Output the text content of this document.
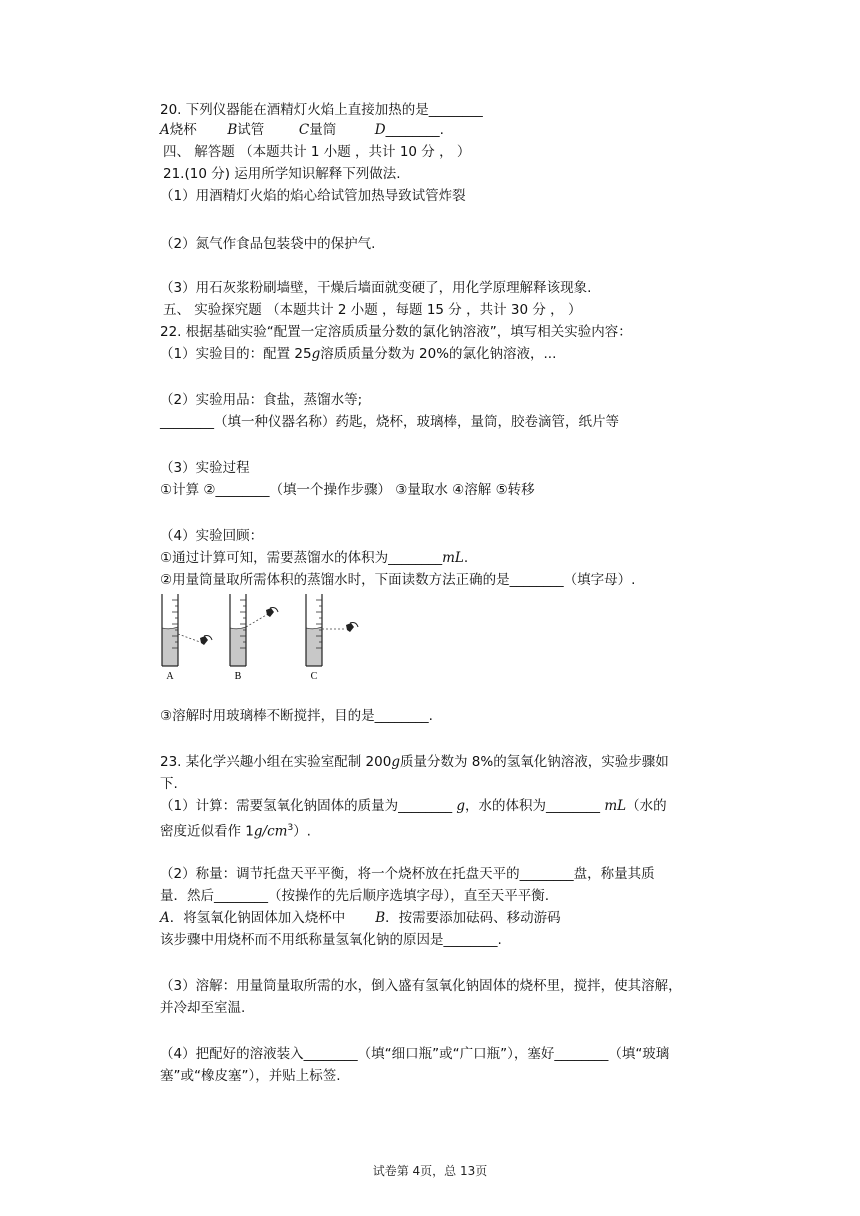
20. 下列仪器能在酒精灯火焰上直接加热的是________
A烧杯 B试管	C量筒	D________.
四、 解答题 （本题共计 1 小题 ，共计 10 分 ， ）
21.(10 分) 运用所学知识解释下列做法.
（1）用酒精灯火焰的焰心给试管加热导致试管炸裂
（2）氮气作食品包装袋中的保护气.
（3）用石灰浆粉刷墙壁，干燥后墙面就变硬了，用化学原理解释该现象.
五、 实验探究题 （本题共计 2 小题 ，每题 15 分 ，共计 30 分 ， ）
22. 根据基础实验“配置一定溶质质量分数的氯化钠溶液”，填写相关实验内容：
（1）实验目的：配置 25g溶质质量分数为 20%的氯化钠溶液，...
（2）实验用品：食盐，蒸馏水等;
________（填一种仪器名称）药匙，烧杯，玻璃棒，量筒，胶卷滴管，纸片等
（3）实验过程
①计算 ②________（填一个操作步骤） ③量取水 ④溶解 ⑤转移
（4）实验回顾：
①通过计算可知，需要蒸馏水的体积为________mL.
②用量筒量取所需体积的蒸馏水时，下面读数方法正确的是________（填字母）.
A	B	C
③溶解时用玻璃棒不断搅拌，目的是________.
23. 某化学兴趣小组在实验室配制 200g质量分数为 8%的氢氧化钠溶液，实验步骤如
下.
（1）计算：需要氢氧化钠固体的质量为________ g，水的体积为________ mL（水的
密度近似看作 $1g/cm^3$）.
（2）称量：调节托盘天平平衡，将一个烧杯放在托盘天平的________盘，称量其质
量．然后________（按操作的先后顺序选填字母），直至天平平衡.
A．将氢氧化钠固体加入烧杯中 B．按需要添加砝码、移动游码
该步骤中用烧杯而不用纸称量氢氧化钠的原因是________.
（3）溶解：用量筒量取所需的水，倒入盛有氢氧化钠固体的烧杯里，搅拌，使其溶解，
并冷却至室温.
（4）把配好的溶液装入________（填“细口瓶”或“广口瓶”），塞好________（填“玻璃
塞”或“橡皮塞”），并贴上标签.
试卷第 4页，总 13页
